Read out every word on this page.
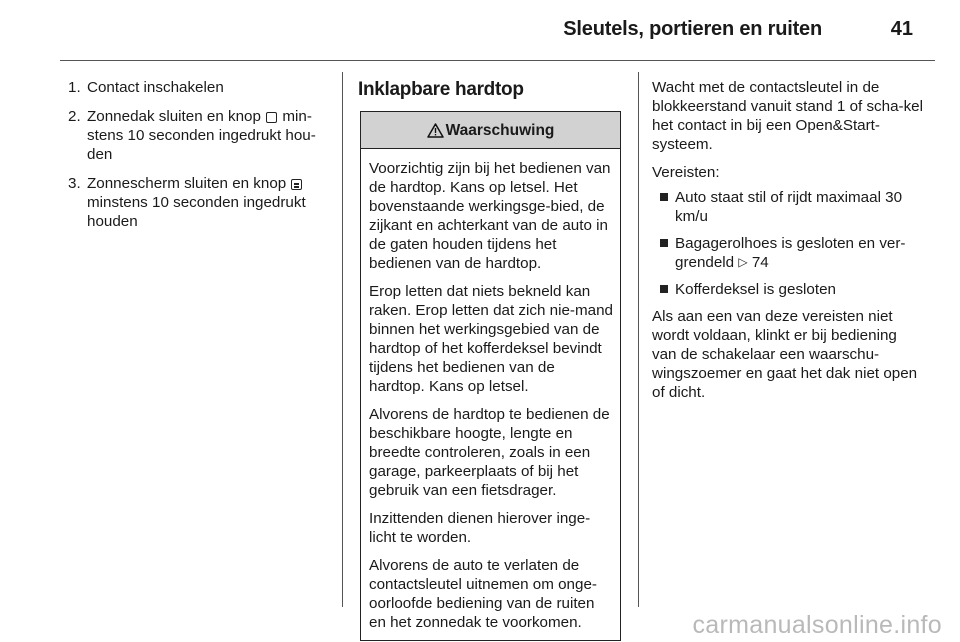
Sleutels, portieren en ruiten	41
1. Contact inschakelen
2. Zonnedak sluiten en knop min-stens 10 seconden ingedrukt hou-den
3. Zonnescherm sluiten en knop  minstens 10 seconden ingedrukt houden
Inklapbare hardtop
Waarschuwing

Voorzichtig zijn bij het bedienen van de hardtop. Kans op letsel. Het bovenstaande werkingsge-bied, de zijkant en achterkant van de auto in de gaten houden tijdens het bedienen van de hardtop.

Erop letten dat niets bekneld kan raken. Erop letten dat zich nie-mand binnen het werkingsgebied van de hardtop of het kofferdeksel bevindt tijdens het bedienen van de hardtop. Kans op letsel.

Alvorens de hardtop te bedienen de beschikbare hoogte, lengte en breedte controleren, zoals in een garage, parkeerplaats of bij het gebruik van een fietsdrager.

Inzittenden dienen hierover inge-licht te worden.

Alvorens de auto te verlaten de contactsleutel uitnemen om onge-oorloofde bediening van de ruiten en het zonnedak te voorkomen.

Wacht met de contactsleutel in de blokkeerstand vanuit stand 1 of scha-kel het contact in bij een Open&Start-systeem.

Vereisten:

Auto staat stil of rijdt maximaal 30 km/u
Bagagerolhoes is gesloten en ver-grendeld ▷ 74
Kofferdeksel is gesloten

Als aan een van deze vereisten niet wordt voldaan, klinkt er bij bediening van de schakelaar een waarschu-wingszoemer en gaat het dak niet open of dicht.

carmanualsonline.info
